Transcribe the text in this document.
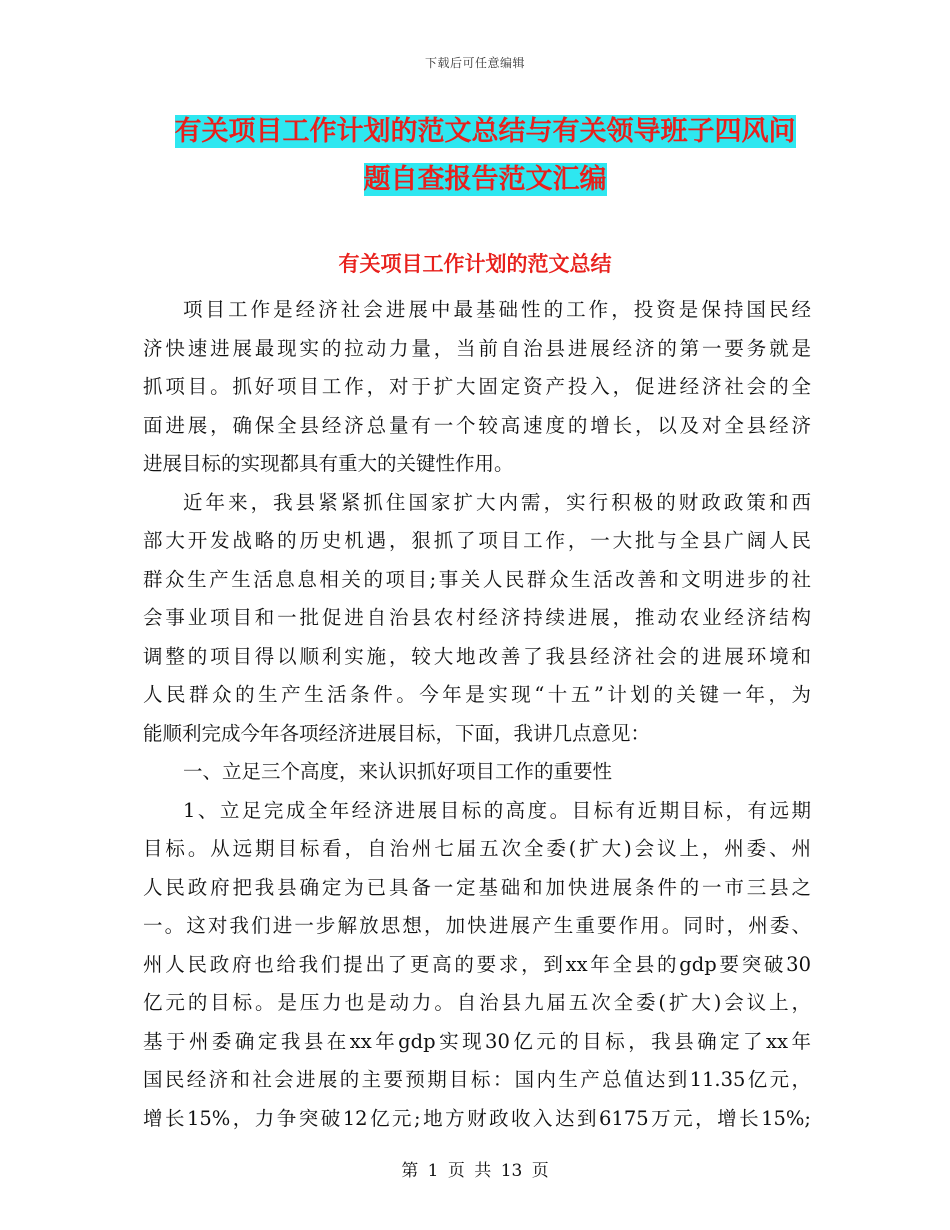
下载后可任意编辑
有关项目工作计划的范文总结与有关领导班子四风问
题自查报告范文汇编
有关项目工作计划的范文总结
项目工作是经济社会进展中最基础性的工作，投资是保持国民经
济快速进展最现实的拉动力量，当前自治县进展经济的第一要务就是
抓项目。抓好项目工作，对于扩大固定资产投入，促进经济社会的全
面进展，确保全县经济总量有一个较高速度的增长，以及对全县经济
进展目标的实现都具有重大的关键性作用。
近年来，我县紧紧抓住国家扩大内需，实行积极的财政政策和西
部大开发战略的历史机遇，狠抓了项目工作，一大批与全县广阔人民
群众生产生活息息相关的项目;事关人民群众生活改善和文明进步的社
会事业项目和一批促进自治县农村经济持续进展，推动农业经济结构
调整的项目得以顺利实施，较大地改善了我县经济社会的进展环境和
人民群众的生产生活条件。今年是实现“十五”计划的关键一年，为
能顺利完成今年各项经济进展目标，下面，我讲几点意见：
一、立足三个高度，来认识抓好项目工作的重要性
1、立足完成全年经济进展目标的高度。目标有近期目标，有远期
目标。从远期目标看，自治州七届五次全委(扩大)会议上，州委、州
人民政府把我县确定为已具备一定基础和加快进展条件的一市三县之
一。这对我们进一步解放思想，加快进展产生重要作用。同时，州委、
州人民政府也给我们提出了更高的要求，到xx年全县的gdp要突破30
亿元的目标。是压力也是动力。自治县九届五次全委(扩大)会议上，
基于州委确定我县在xx年gdp实现30亿元的目标，我县确定了xx年
国民经济和社会进展的主要预期目标：国内生产总值达到11.35亿元，
增长15%，力争突破12亿元;地方财政收入达到6175万元，增长15%;
第 1 页 共 13 页
